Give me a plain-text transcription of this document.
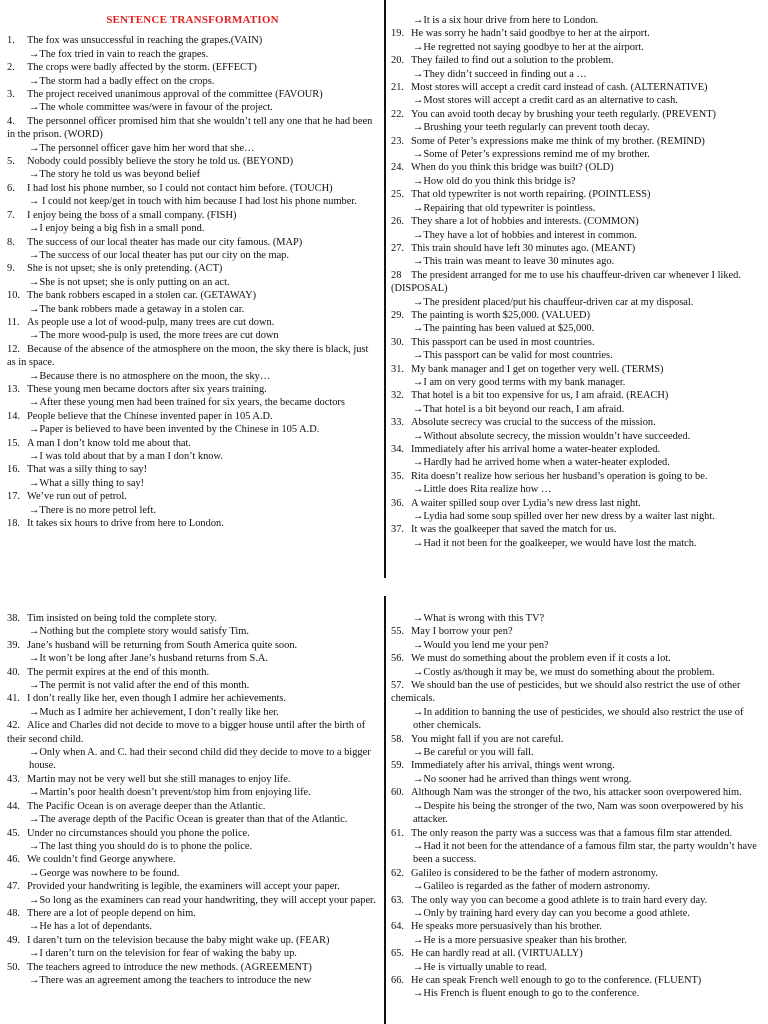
SENTENCE TRANSFORMATION
1. The fox was unsuccessful in reaching the grapes.(VAIN)
→The fox tried in vain to reach the grapes.
2. The crops were badly affected by the storm. (EFFECT)
→The storm had a badly effect on the crops.
3. The project received unanimous approval of the committee (FAVOUR)
→The whole committee was/were in favour of the project.
4. The personnel officer promised him that she wouldn’t tell any one that he had been in the prison. (WORD)
→The personnel officer gave him her word that she…
5. Nobody could possibly believe the story he told us. (BEYOND)
→The story he told us was beyond belief
6. I had lost his phone number, so I could not contact him before. (TOUCH)
→ I could not keep/get in touch with him because I had lost his phone number.
7. I enjoy being the boss of a small company. (FISH)
→I enjoy being a big fish in a small pond.
8. The success of our local theater has made our city famous. (MAP)
→The success of our local theater has put our city on the map.
9. She is not upset; she is only pretending. (ACT)
→She is not upset; she is only putting on an act.
10. The bank robbers escaped in a stolen car. (GETAWAY)
→The bank robbers made a getaway in a stolen car.
11. As people use a lot of wood-pulp, many trees are cut down.
→The more wood-pulp is used, the more trees are cut down
12. Because of the absence of the atmosphere on the moon, the sky there is black, just as in space.
→Because there is no atmosphere on the moon, the sky…
13. These young men became doctors after six years training.
→After these young men had been trained for six years, the became doctors
14. People believe that the Chinese invented paper in 105 A.D.
→Paper is believed to have been invented by the Chinese in 105 A.D.
15. A man I don’t know told me about that.
→I was told about that by a man I don’t know.
16. That was a silly thing to say!
→What a silly thing to say!
17. We’ve run out of petrol.
→There is no more petrol left.
18. It takes six hours to drive from here to London.
→It is a six hour drive from here to London.
19. He was sorry he hadn’t said goodbye to her at the airport.
→He regretted not saying goodbye to her at the airport.
20. They failed to find out a solution to the problem.
→They didn’t succeed in finding out a …
21. Most stores will accept a credit card instead of cash. (ALTERNATIVE)
→Most stores will accept a credit card as an alternative to cash.
22. You can avoid tooth decay by brushing your teeth regularly. (PREVENT)
→Brushing your teeth regularly can prevent tooth decay.
23. Some of Peter’s expressions make me think of my brother. (REMIND)
→Some of Peter’s expressions remind me of my brother.
24. When do you think this bridge was built? (OLD)
→How old do you think this bridge is?
25. That old typewriter is not worth repairing. (POINTLESS)
→Repairing that old typewriter is pointless.
26. They share a lot of hobbies and interests. (COMMON)
→They have a lot of hobbies and interest in common.
27. This train should have left 30 minutes ago. (MEANT)
→This train was meant to leave 30 minutes ago.
28 The president arranged for me to use his chauffeur-driven car whenever I liked. (DISPOSAL)
→The president placed/put his chauffeur-driven car at my disposal.
29. The painting is worth $25,000. (VALUED)
→The painting has been valued at $25,000.
30. This passport can be used in most countries.
→This passport can be valid for most countries.
31. My bank manager and I get on together very well. (TERMS)
→I am on very good terms with my bank manager.
32. That hotel is a bit too expensive for us, I am afraid. (REACH)
→That hotel is a bit beyond our reach, I am afraid.
33. Absolute secrecy was crucial to the success of the mission.
→Without absolute secrecy, the mission wouldn’t have succeeded.
34. Immediately after his arrival home a water-heater exploded.
→Hardly had he arrived home when a water-heater exploded.
35. Rita doesn’t realize how serious her husband’s operation is going to be.
→Little does Rita realize how …
36. A waiter spilled soup over Lydia’s new dress last night.
→Lydia had some soup spilled over her new dress by a waiter last night.
37. It was the goalkeeper that saved the match for us.
→Had it not been for the goalkeeper, we would have lost the match.
38. Tim insisted on being told the complete story.
→Nothing but the complete story would satisfy Tim.
39. Jane’s husband will be returning from South America quite soon.
→It won’t be long after Jane’s husband returns from S.A.
40. The permit expires at the end of this month.
→The permit is not valid after the end of this month.
41. I don’t really like her, even though I admire her achievements.
→Much as I admire her achievement, I don’t really like her.
42. Alice and Charles did not decide to move to a bigger house until after the birth of their second child.
→Only when A. and C. had their second child did they decide to move to a bigger house.
43. Martin may not be very well but she still manages to enjoy life.
→Martin’s poor health doesn’t prevent/stop him from enjoying life.
44. The Pacific Ocean is on average deeper than the Atlantic.
→The average depth of the Pacific Ocean is greater than that of the Atlantic.
45. Under no circumstances should you phone the police.
→The last thing you should do is to phone the police.
46. We couldn’t find George anywhere.
→George was nowhere to be found.
47. Provided your handwriting is legible, the examiners will accept your paper.
→So long as the examiners can read your handwriting, they will accept your paper.
48. There are a lot of people depend on him.
→He has a lot of dependants.
49. I daren’t turn on the television because the baby might wake up. (FEAR)
→I daren’t turn on the television for fear of waking the baby up.
50. The teachers agreed to introduce the new methods. (AGREEMENT)
→There was an agreement among the teachers to introduce the new
→What is wrong with this TV?
55. May I borrow your pen?
→Would you lend me your pen?
56. We must do something about the problem even if it costs a lot.
→Costly as/though it may be, we must do something about the problem.
57. We should ban the use of pesticides, but we should also restrict the use of other chemicals.
→In addition to banning the use of pesticides, we should also restrict the use of other chemicals.
58. You might fall if you are not careful.
→Be careful or you will fall.
59. Immediately after his arrival, things went wrong.
→No sooner had he arrived than things went wrong.
60. Although Nam was the stronger of the two, his attacker soon overpowered him.
→Despite his being the stronger of the two, Nam was soon overpowered by his attacker.
61. The only reason the party was a success was that a famous film star attended.
→Had it not been for the attendance of a famous film star, the party wouldn’t have been a success.
62. Galileo is considered to be the father of modern astronomy.
→Galileo is regarded as the father of modern astronomy.
63. The only way you can become a good athlete is to train hard every day.
→Only by training hard every day can you become a good athlete.
64. He speaks more persuasively than his brother.
→He is a more persuasive speaker than his brother.
65. He can hardly read at all. (VIRTUALLY)
→He is virtually unable to read.
66. He can speak French well enough to go to the conference. (FLUENT)
→His French is fluent enough to go to the conference.
